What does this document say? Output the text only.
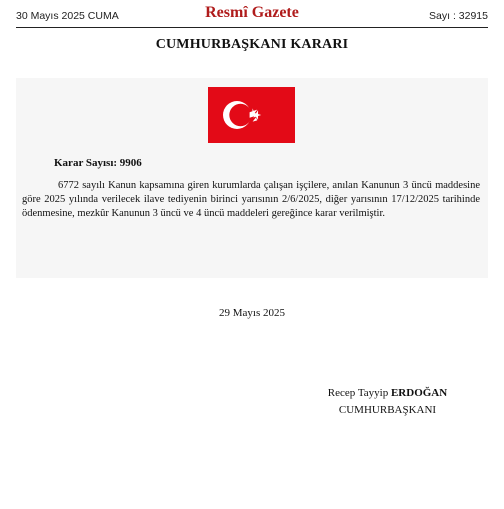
30 Mayıs 2025 CUMA	Resmî Gazete	Sayı : 32915
CUMHURBAŞKANI KARARI
Karar Sayısı: 9906
6772 sayılı Kanun kapsamına giren kurumlarda çalışan işçilere, anılan Kanunun 3 üncü maddesine göre 2025 yılında verilecek ilave tediyenin birinci yarısının 2/6/2025, diğer yarısının 17/12/2025 tarihinde ödenmesine, mezkûr Kanunun 3 üncü ve 4 üncü maddeleri gereğince karar verilmiştir.
29 Mayıs 2025
Recep Tayyip ERDOĞAN
CUMHURBAŞKANI
